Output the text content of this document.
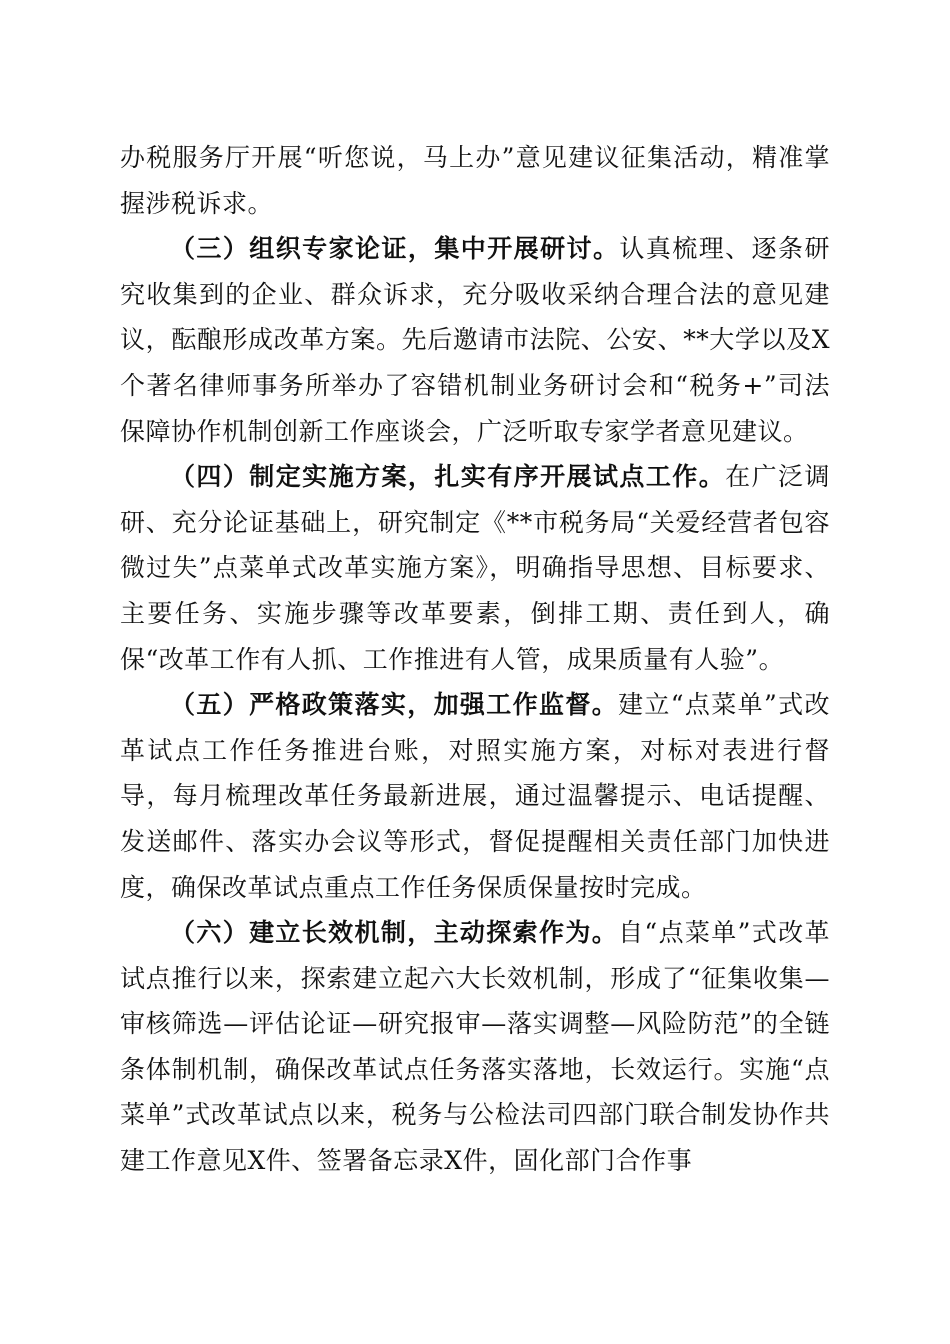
办税服务厅开展“听您说，马上办”意见建议征集活动，精准掌握涉税诉求。

（三）组织专家论证，集中开展研讨。认真梳理、逐条研究收集到的企业、群众诉求，充分吸收采纳合理合法的意见建议，酝酿形成改革方案。先后邀请市法院、公安、**大学以及X个著名律师事务所举办了容错机制业务研讨会和“税务+”司法保障协作机制创新工作座谈会，广泛听取专家学者意见建议。

（四）制定实施方案，扎实有序开展试点工作。在广泛调研、充分论证基础上，研究制定《**市税务局“关爱经营者包容微过失”点菜单式改革实施方案》，明确指导思想、目标要求、主要任务、实施步骤等改革要素，倒排工期、责任到人，确保“改革工作有人抓、工作推进有人管，成果质量有人验”。

（五）严格政策落实，加强工作监督。建立“点菜单”式改革试点工作任务推进台账，对照实施方案，对标对表进行督导，每月梳理改革任务最新进展，通过温馨提示、电话提醒、发送邮件、落实办会议等形式，督促提醒相关责任部门加快进度，确保改革试点重点工作任务保质保量按时完成。

（六）建立长效机制，主动探索作为。自“点菜单”式改革试点推行以来，探索建立起六大长效机制，形成了“征集收集—审核筛选—评估论证—研究报审—落实调整—风险防范”的全链条体制机制，确保改革试点任务落实落地，长效运行。实施“点菜单”式改革试点以来，税务与公检法司四部门联合制发协作共建工作意见X件、签署备忘录X件，固化部门合作事
